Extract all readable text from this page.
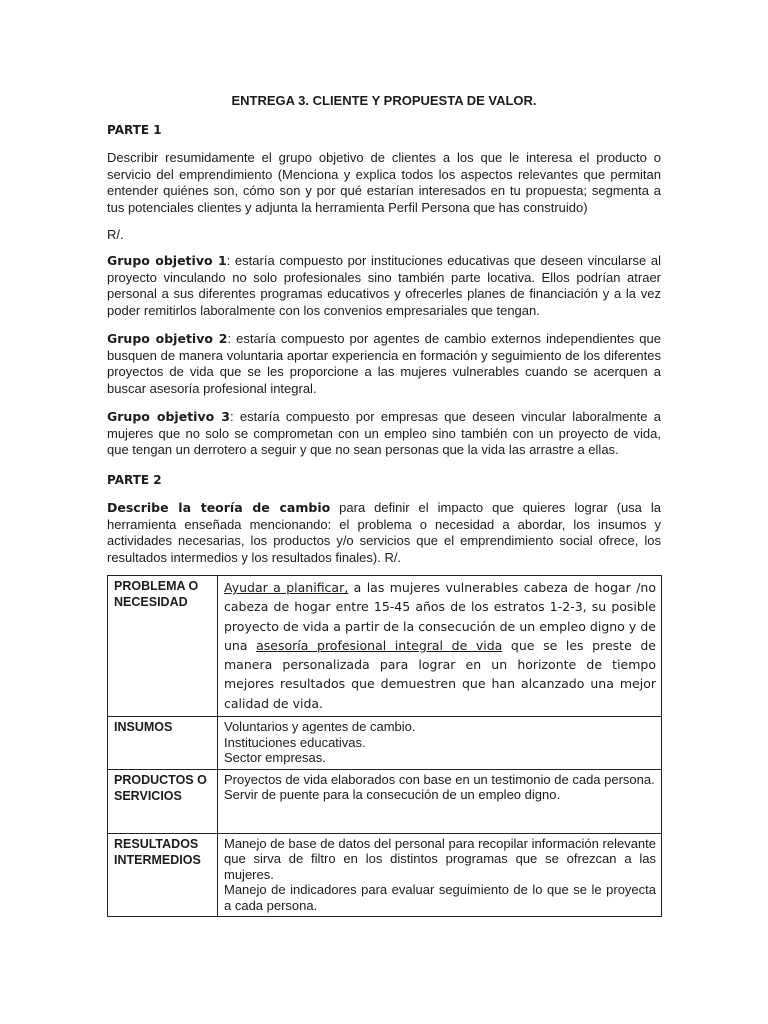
ENTREGA 3. CLIENTE Y PROPUESTA DE VALOR.
PARTE 1

Describir resumidamente el grupo objetivo de clientes a los que le interesa el producto o servicio del emprendimiento (Menciona y explica todos los aspectos relevantes que permitan entender quiénes son, cómo son y por qué estarían interesados en tu propuesta; segmenta a tus potenciales clientes y adjunta la herramienta Perfil Persona que has construido)

R/.

Grupo objetivo 1: estaría compuesto por instituciones educativas que deseen vincularse al proyecto vinculando no solo profesionales sino también parte locativa. Ellos podrían atraer personal a sus diferentes programas educativos y ofrecerles planes de financiación y a la vez poder remitirlos laboralmente con los convenios empresariales que tengan.

Grupo objetivo 2: estaría compuesto por agentes de cambio externos independientes que busquen de manera voluntaria aportar experiencia en formación y seguimiento de los diferentes proyectos de vida que se les proporcione a las mujeres vulnerables cuando se acerquen a buscar asesoría profesional integral.

Grupo objetivo 3: estaría compuesto por empresas que deseen vincular laboralmente a mujeres que no solo se comprometan con un empleo sino también con un proyecto de vida, que tengan un derrotero a seguir y que no sean personas que la vida las arrastre a ellas.

PARTE 2

Describe la teoría de cambio para definir el impacto que quieres lograr (usa la herramienta enseñada mencionando: el problema o necesidad a abordar, los insumos y actividades necesarias, los productos y/o servicios que el emprendimiento social ofrece, los resultados intermedios y los resultados finales). R/.

PROBLEMA O NECESIDAD	Ayudar a planificar, a las mujeres vulnerables cabeza de hogar /no cabeza de hogar entre 15-45 años de los estratos 1-2-3, su posible proyecto de vida a partir de la consecución de un empleo digno y de una asesoría profesional integral de vida que se les preste de manera personalizada para lograr en un horizonte de tiempo mejores resultados que demuestren que han alcanzado una mejor calidad de vida.
INSUMOS	Voluntarios y agentes de cambio.
Instituciones educativas.
Sector empresas.

PRODUCTOS O SERVICIOS	Proyectos de vida elaborados con base en un testimonio de cada persona.
Servir de puente para la consecución de un empleo digno.

RESULTADOS INTERMEDIOS	Manejo de base de datos del personal para recopilar información relevante que sirva de filtro en los distintos programas que se ofrezcan a las mujeres.
Manejo de indicadores para evaluar seguimiento de lo que se le proyecta a cada persona.
